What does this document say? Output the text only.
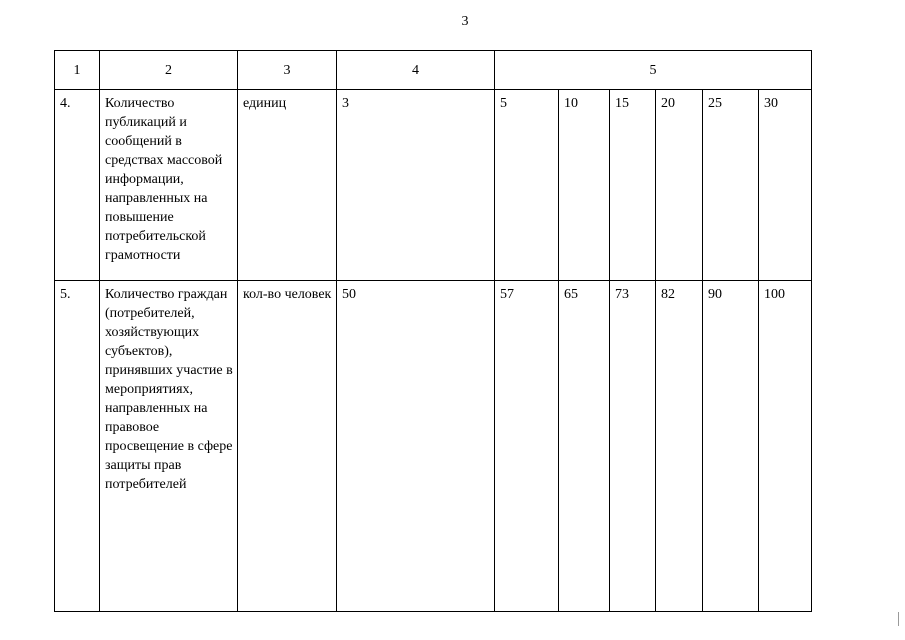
3
1	2	3	4	5					
4.	Количество публикаций и сообщений в средствах массовой информации, направленных на повышение потребительской грамотности	единиц	3	5	10	15	20	25	30
5.	Количество граждан (потребителей, хозяйствующих субъектов), принявших участие в мероприятиях, направленных на правовое просвещение в сфере защиты прав потребителей	кол-во человек	50	57	65	73	82	90	100
